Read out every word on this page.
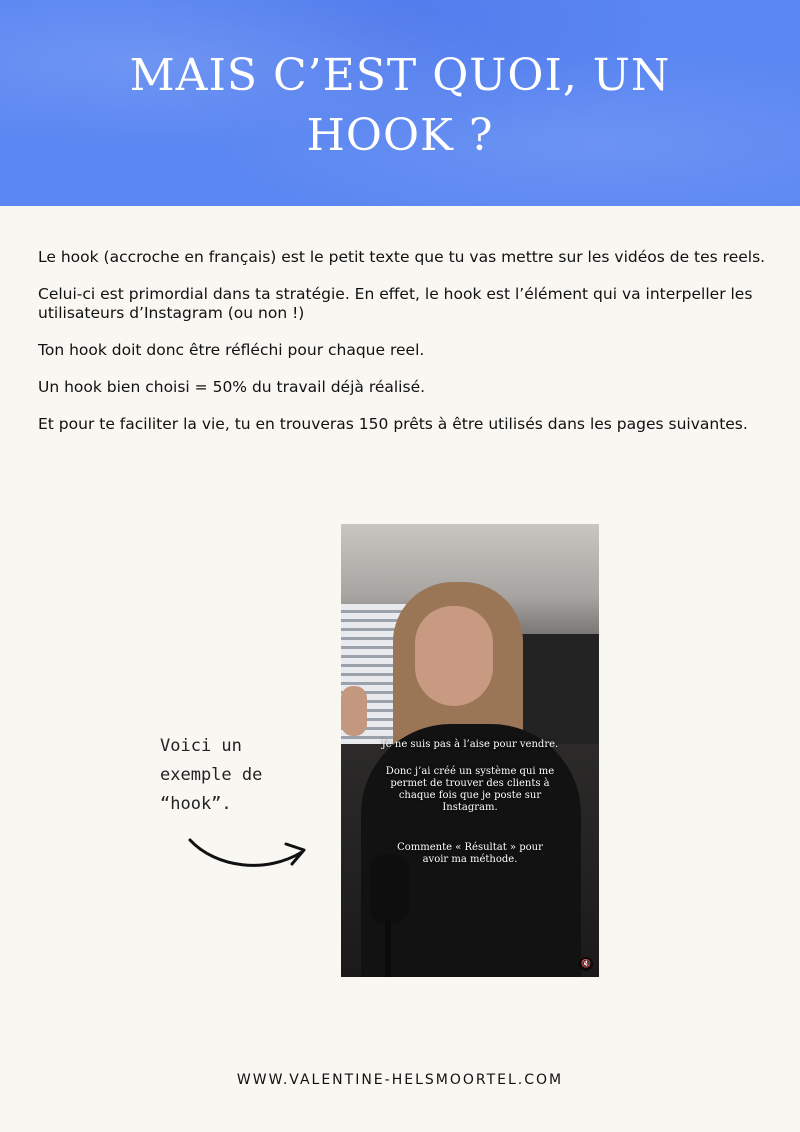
MAIS C’EST QUOI, UN HOOK ?

Le hook (accroche en français) est le petit texte que tu vas mettre sur les vidéos de tes reels.

Celui-ci est primordial dans ta stratégie. En effet, le hook est l’élément qui va interpeller les utilisateurs d’Instagram (ou non !)

Ton hook doit donc être réfléchi pour chaque reel.

Un hook bien choisi = 50% du travail déjà réalisé.

Et pour te faciliter la vie, tu en trouveras 150 prêts à être utilisés dans les pages suivantes.

Voici un
exemple de
“hook”.
Je ne suis pas à l’aise pour vendre.
Donc j’ai créé un système qui me permet de trouver des clients à chaque fois que je poste sur Instagram.
Commente « Résultat » pour avoir ma méthode.
🔇
WWW.VALENTINE-HELSMOORTEL.COM
